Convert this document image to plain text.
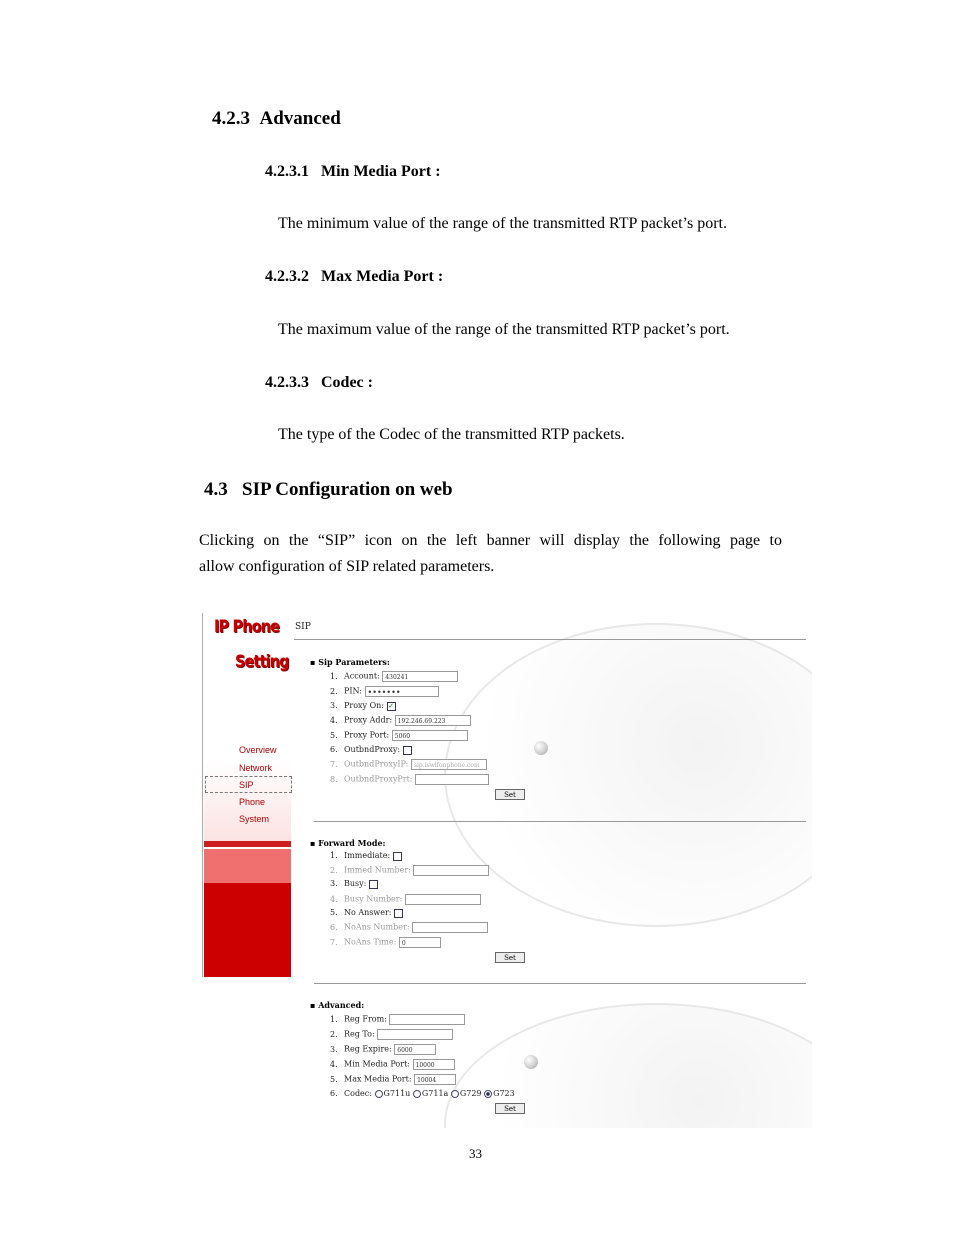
4.2.3 Advanced
4.2.3.1 Min Media Port :
The minimum value of the range of the transmitted RTP packet’s port.
4.2.3.2 Max Media Port :
The maximum value of the range of the transmitted RTP packet’s port.
4.2.3.3 Codec :
The type of the Codec of the transmitted RTP packets.
4.3 SIP Configuration on web
Clicking on the “SIP” icon on the left banner will display the following page to
allow configuration of SIP related parameters.
IP Phone
Setting
Overview
Network
SIP
Phone
System
SIP
▪ Sip Parameters:
1. Account: 430241
2. PIN: •••••••
3. Proxy On: ✓
4. Proxy Addr: 192.246.69.223
5. Proxy Port: 5060
6. OutbndProxy:
7. OutbndProxyIP: sip.iswifonphone.com
8. OutbndProxyPrt:
Set
▪ Forward Mode:
1. Immediate:
2. Immed Number:
3. Busy:
4. Busy Number:
5. No Answer:
6. NoAns Number:
7. NoAns Time: 0
Set
▪ Advanced:
1. Reg From:
2. Reg To:
3. Reg Expire: 6000
4. Min Media Port: 10000
5. Max Media Port: 10004
6. Codec: G711u G711a G729 G723
Set
33
